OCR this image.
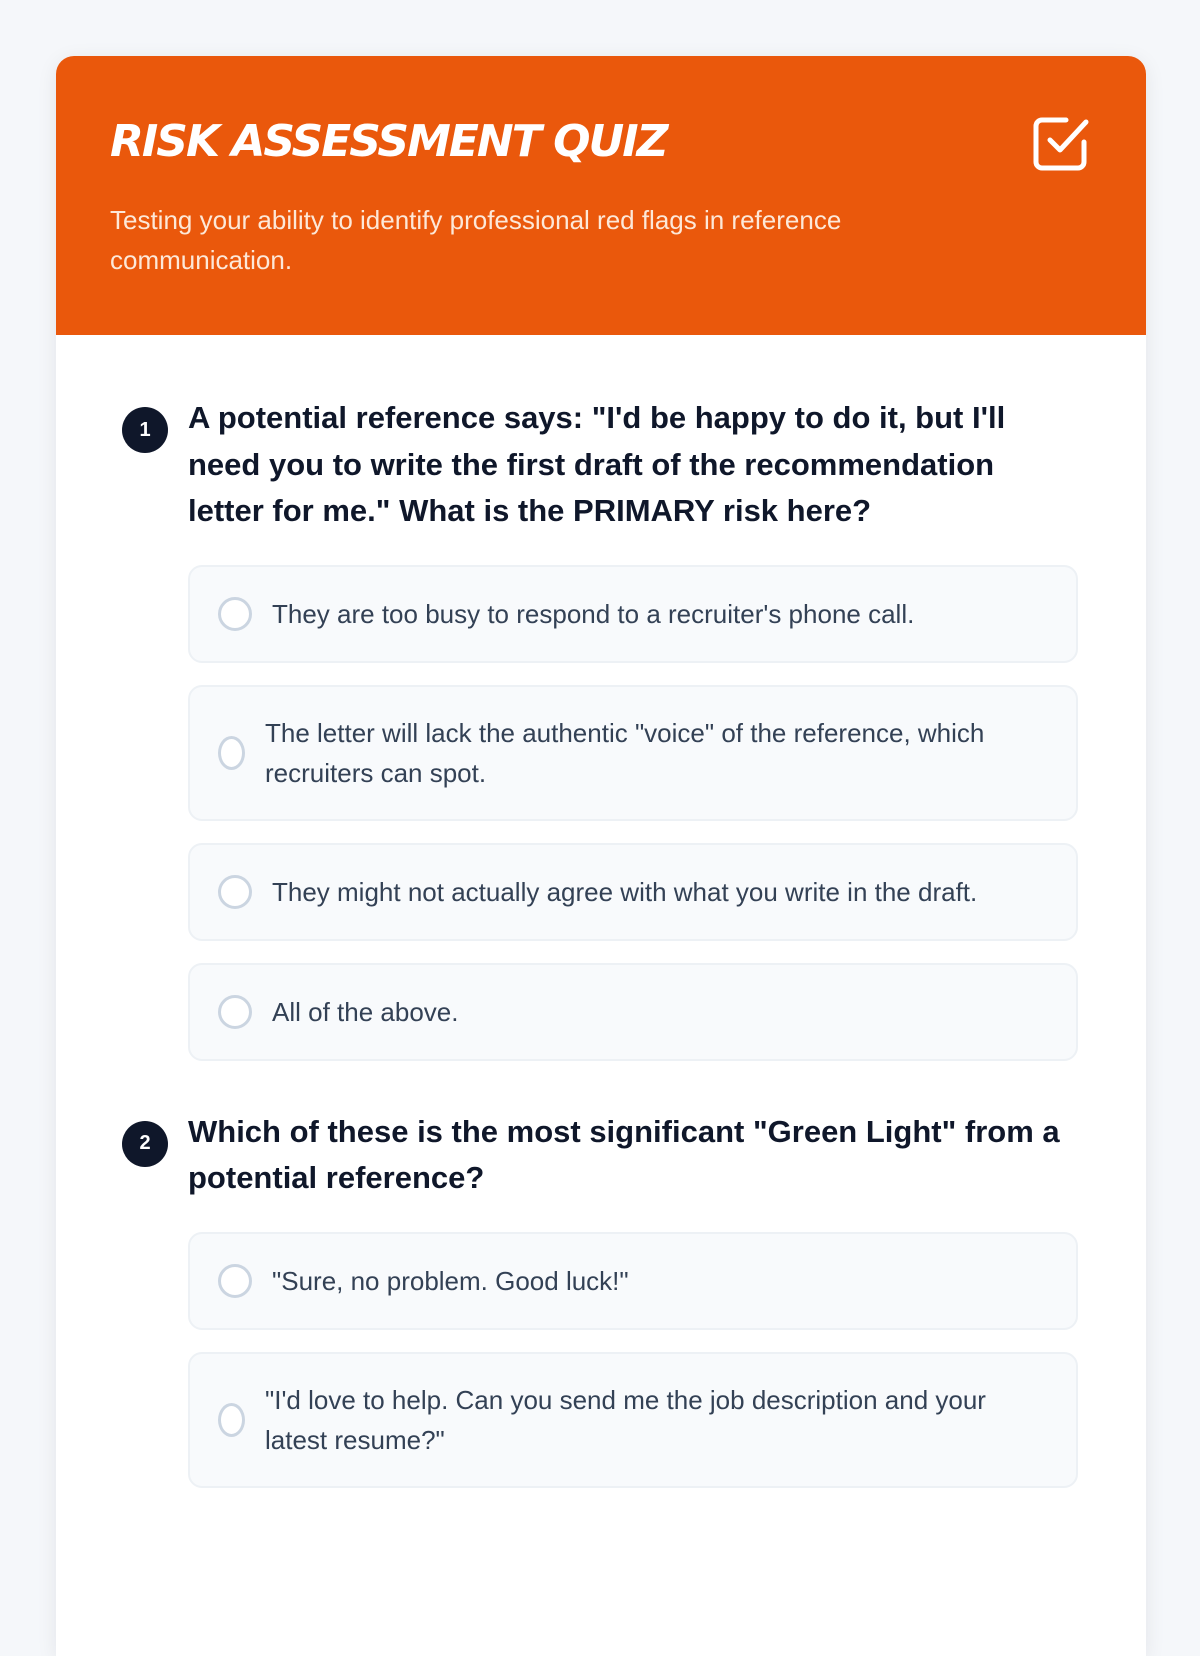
RISK ASSESSMENT QUIZ
Testing your ability to identify professional red flags in reference communication.
1	A potential reference says: "I'd be happy to do it, but I'll need you to write the first draft of the recommendation letter for me." What is the PRIMARY risk here?
They are too busy to respond to a recruiter's phone call.
The letter will lack the authentic "voice" of the reference, which recruiters can spot.
They might not actually agree with what you write in the draft.
All of the above.
2	Which of these is the most significant "Green Light" from a potential reference?
"Sure, no problem. Good luck!"
"I'd love to help. Can you send me the job description and your latest resume?"
